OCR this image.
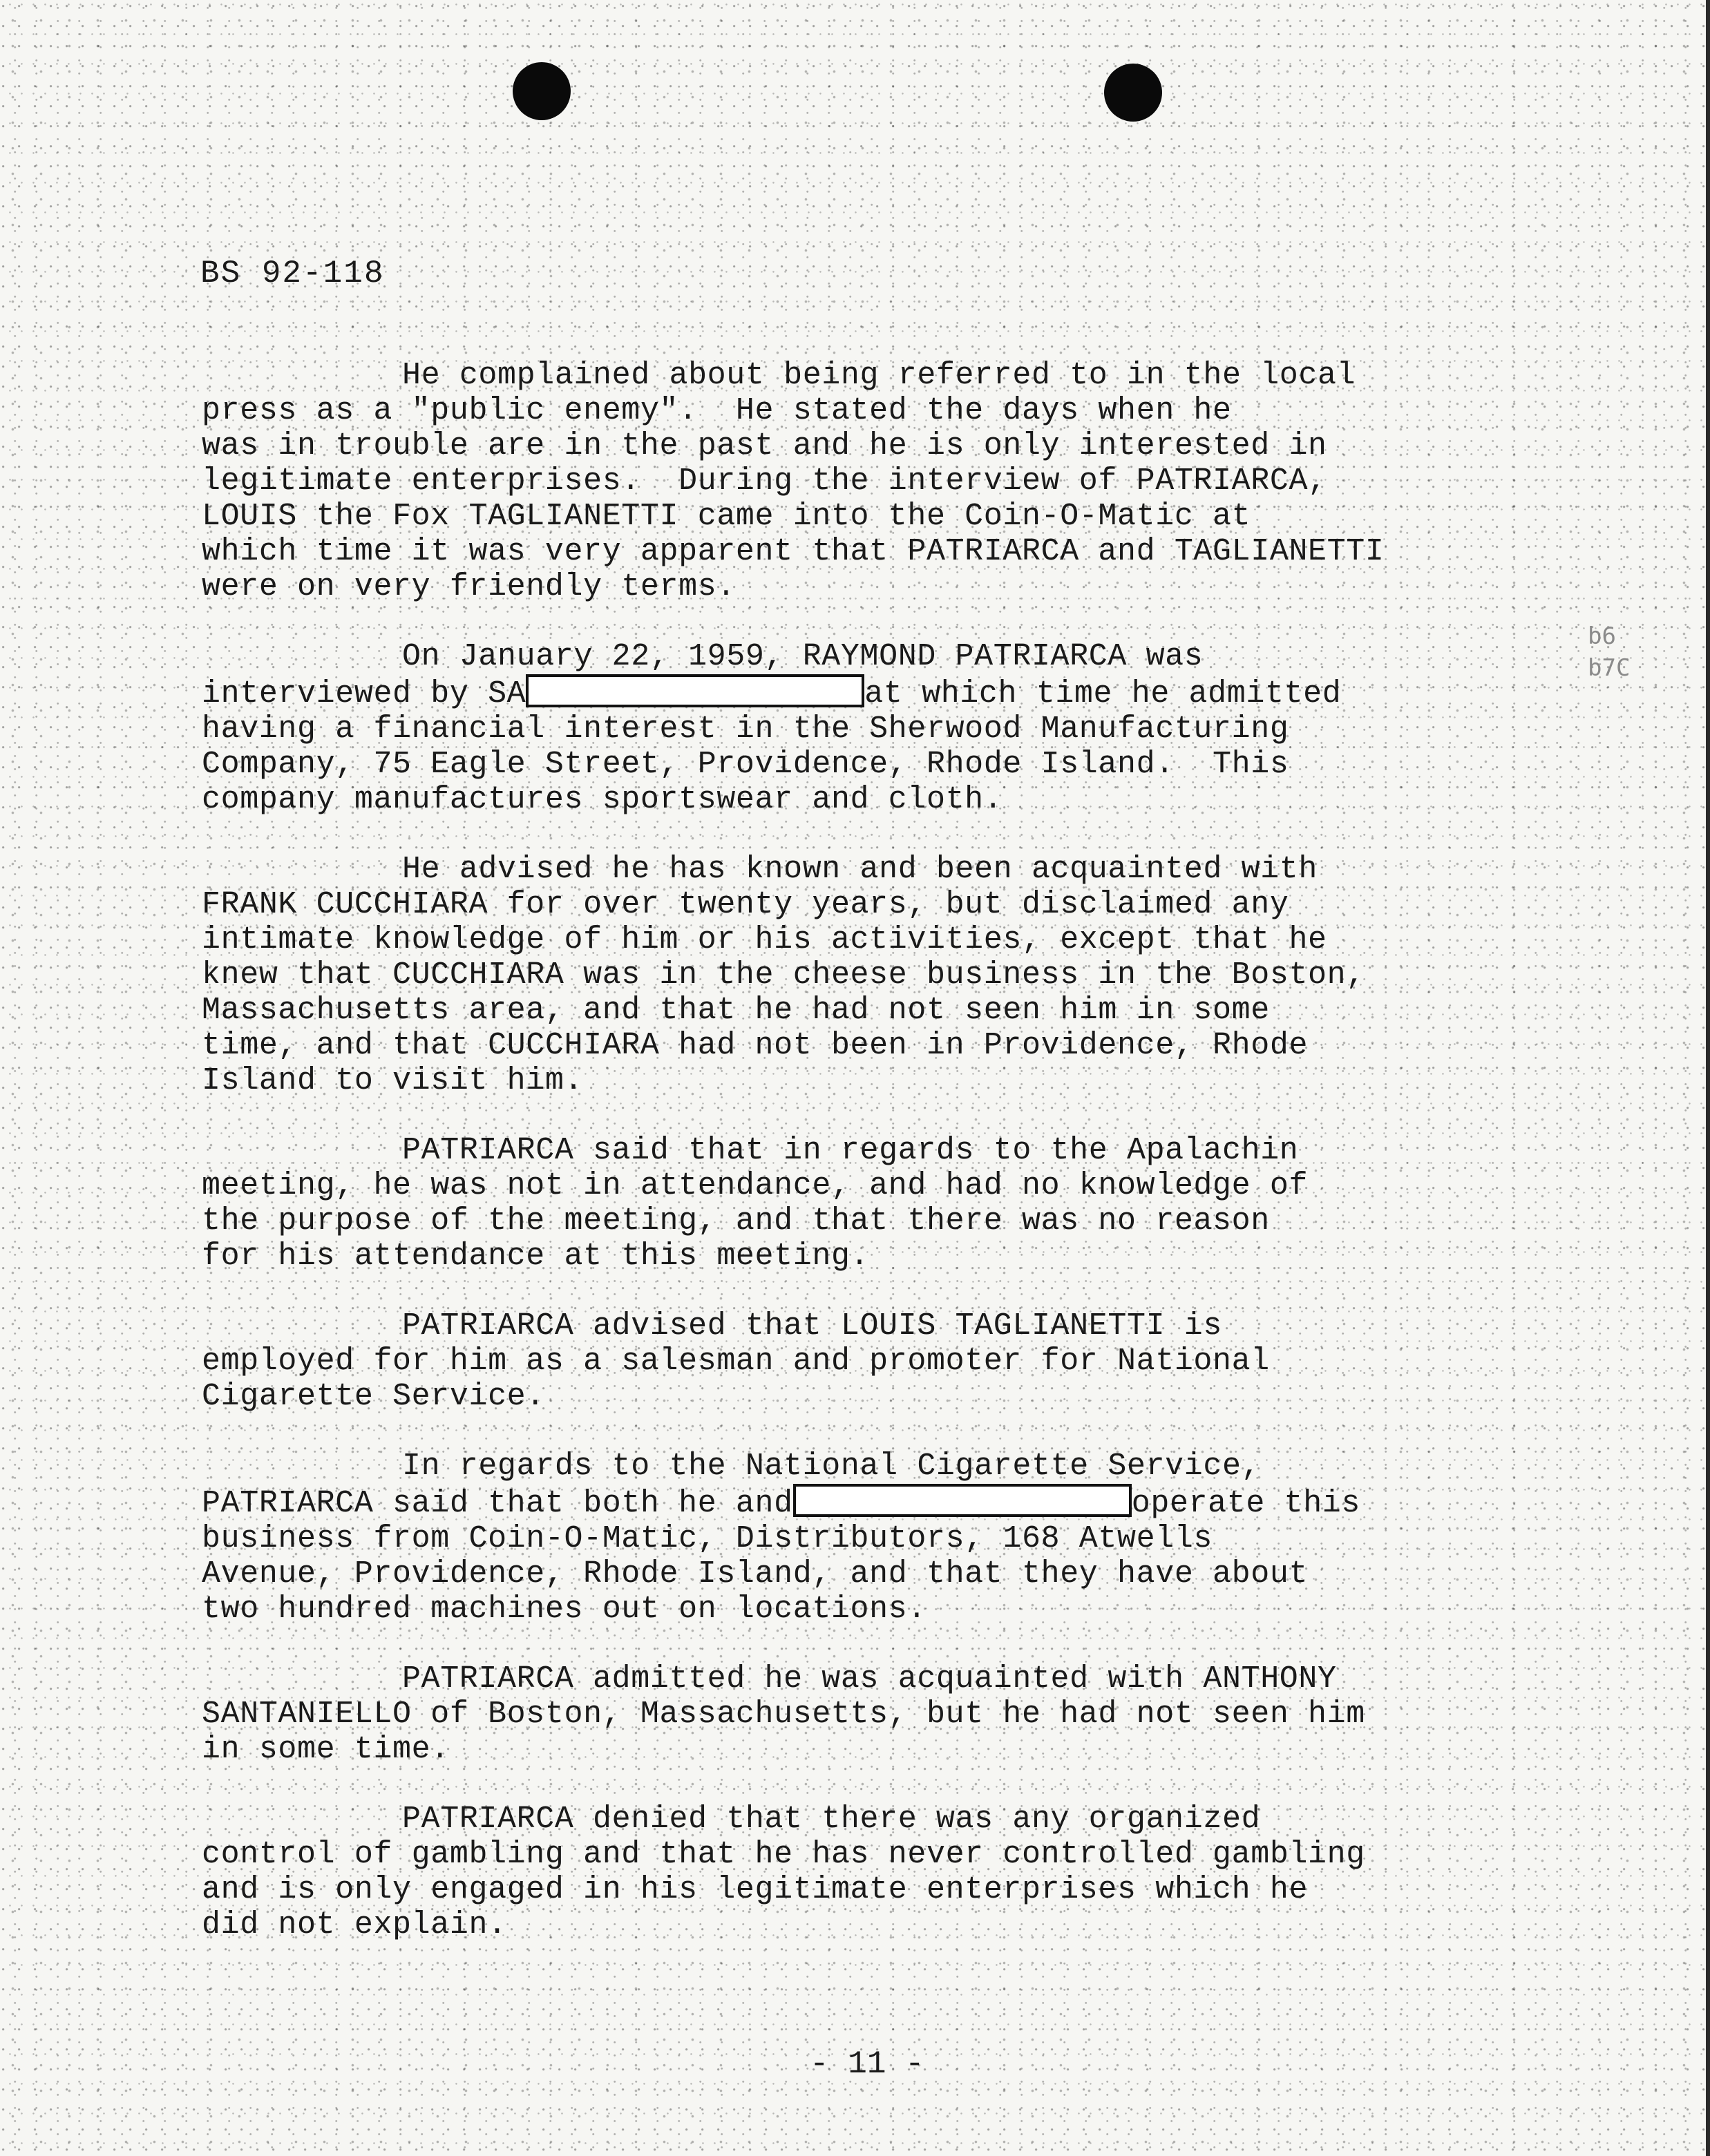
BS 92-118
b6
b7C
He complained about being referred to in the local
press as a "public enemy".  He stated the days when he
was in trouble are in the past and he is only interested in
legitimate enterprises.  During the interview of PATRIARCA,
LOUIS the Fox TAGLIANETTI came into the Coin-O-Matic at
which time it was very apparent that PATRIARCA and TAGLIANETTI
were on very friendly terms.
On January 22, 1959, RAYMOND PATRIARCA was
interviewed by SA	at which time he admitted
having a financial interest in the Sherwood Manufacturing
Company, 75 Eagle Street, Providence, Rhode Island.  This
company manufactures sportswear and cloth.
He advised he has known and been acquainted with
FRANK CUCCHIARA for over twenty years, but disclaimed any
intimate knowledge of him or his activities, except that he
knew that CUCCHIARA was in the cheese business in the Boston,
Massachusetts area, and that he had not seen him in some
time, and that CUCCHIARA had not been in Providence, Rhode
Island to visit him.
PATRIARCA said that in regards to the Apalachin
meeting, he was not in attendance, and had no knowledge of
the purpose of the meeting, and that there was no reason
for his attendance at this meeting.
PATRIARCA advised that LOUIS TAGLIANETTI is
employed for him as a salesman and promoter for National
Cigarette Service.
In regards to the National Cigarette Service,
PATRIARCA said that both he and	operate this
business from Coin-O-Matic, Distributors, 168 Atwells
Avenue, Providence, Rhode Island, and that they have about
two hundred machines out on locations.
PATRIARCA admitted he was acquainted with ANTHONY
SANTANIELLO of Boston, Massachusetts, but he had not seen him
in some time.
PATRIARCA denied that there was any organized
control of gambling and that he has never controlled gambling
and is only engaged in his legitimate enterprises which he
did not explain.
- 11 -
